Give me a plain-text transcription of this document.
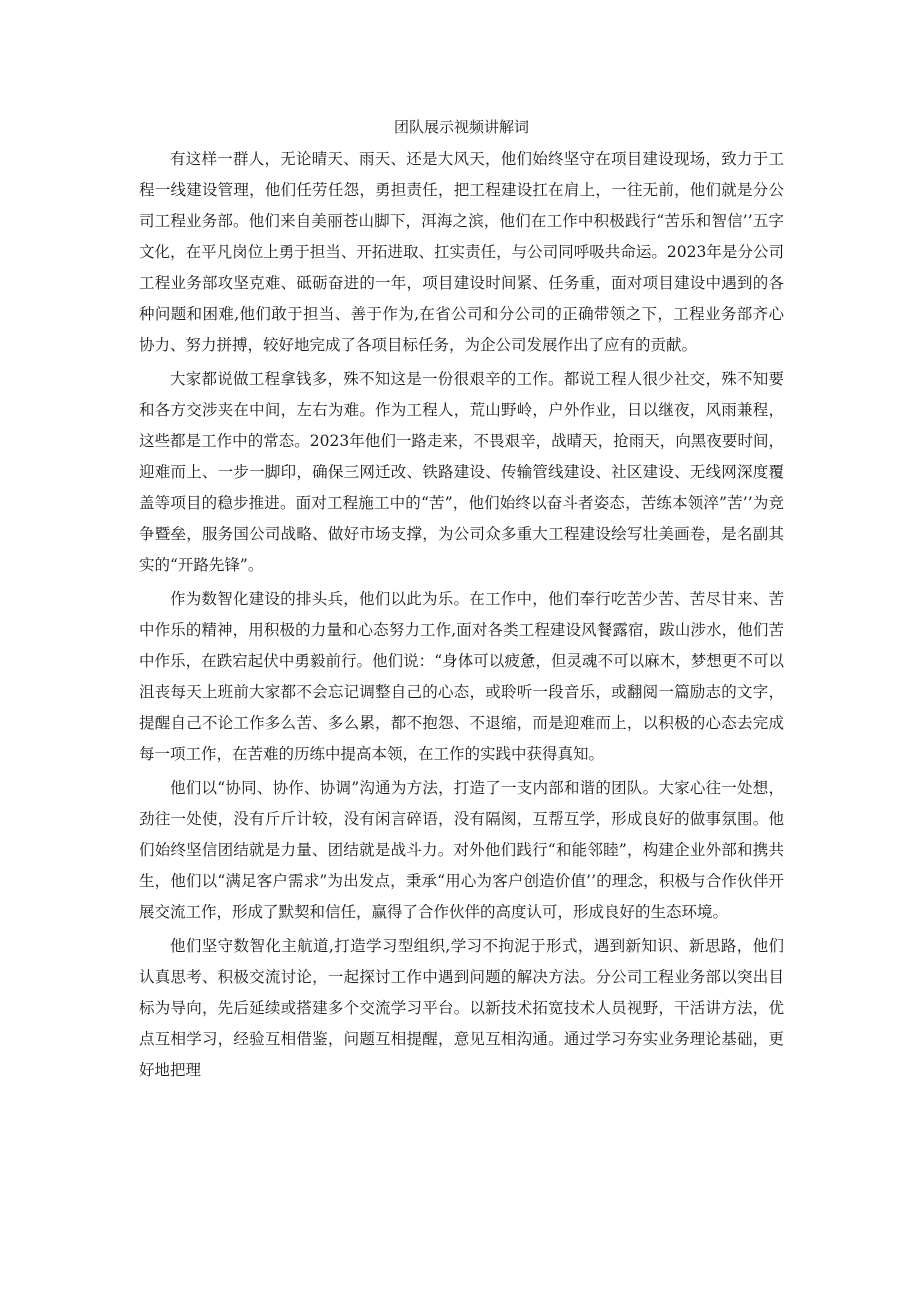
团队展示视频讲解词

有这样一群人，无论晴天、雨天、还是大风天，他们始终坚守在项目建设现场，致力于工程一线建设管理，他们任劳任怨，勇担责任，把工程建设扛在肩上，一往无前，他们就是分公司工程业务部。他们来自美丽苍山脚下，洱海之滨，他们在工作中积极践行“苦乐和智信’’五字文化，在平凡岗位上勇于担当、开拓进取、扛实责任，与公司同呼吸共命运。2023年是分公司工程业务部攻坚克难、砥砺奋进的一年，项目建设时间紧、任务重，面对项目建设中遇到的各种问题和困难,他们敢于担当、善于作为,在省公司和分公司的正确带领之下，工程业务部齐心协力、努力拼搏，较好地完成了各项目标任务，为企公司发展作出了应有的贡献。

大家都说做工程拿钱多，殊不知这是一份很艰辛的工作。都说工程人很少社交，殊不知要和各方交涉夹在中间，左右为难。作为工程人，荒山野岭，户外作业，日以继夜，风雨兼程，这些都是工作中的常态。2023年他们一路走来，不畏艰辛，战晴天，抢雨天，向黑夜要时间，迎难而上、一步一脚印，确保三网迁改、铁路建设、传输管线建设、社区建设、无线网深度覆盖等项目的稳步推进。面对工程施工中的“苦”，他们始终以奋斗者姿态，苦练本领淬”苦’’为竞争暨垒，服务国公司战略、做好市场支撑，为公司众多重大工程建设绘写壮美画卷，是名副其实的“开路先锋”。

作为数智化建设的排头兵，他们以此为乐。在工作中，他们奉行吃苦少苦、苦尽甘来、苦中作乐的精神，用积极的力量和心态努力工作,面对各类工程建设风餐露宿，跋山涉水，他们苦中作乐，在跌宕起伏中勇毅前行。他们说：“身体可以疲惫，但灵魂不可以麻木，梦想更不可以沮丧每天上班前大家都不会忘记调整自己的心态，或聆听一段音乐，或翻阅一篇励志的文字，提醒自己不论工作多么苦、多么累，都不抱怨、不退缩，而是迎难而上，以积极的心态去完成每一项工作，在苦难的历练中提高本领，在工作的实践中获得真知。

他们以“协同、协作、协调”沟通为方法，打造了一支内部和谐的团队。大家心往一处想，劲往一处使，没有斤斤计较，没有闲言碎语，没有隔阂，互帮互学，形成良好的做事氛围。他们始终坚信团结就是力量、团结就是战斗力。对外他们践行“和能邻睦”，构建企业外部和携共生，他们以“满足客户需求”为出发点，秉承“用心为客户创造价值’’的理念，积极与合作伙伴开展交流工作，形成了默契和信任，赢得了合作伙伴的高度认可，形成良好的生态环境。

他们坚守数智化主航道,打造学习型组织,学习不拘泥于形式，遇到新知识、新思路，他们认真思考、积极交流讨论，一起探讨工作中遇到问题的解决方法。分公司工程业务部以突出目标为导向，先后延续或搭建多个交流学习平台。以新技术拓宽技术人员视野，干活讲方法，优点互相学习，经验互相借鉴，问题互相提醒，意见互相沟通。通过学习夯实业务理论基础，更好地把理
